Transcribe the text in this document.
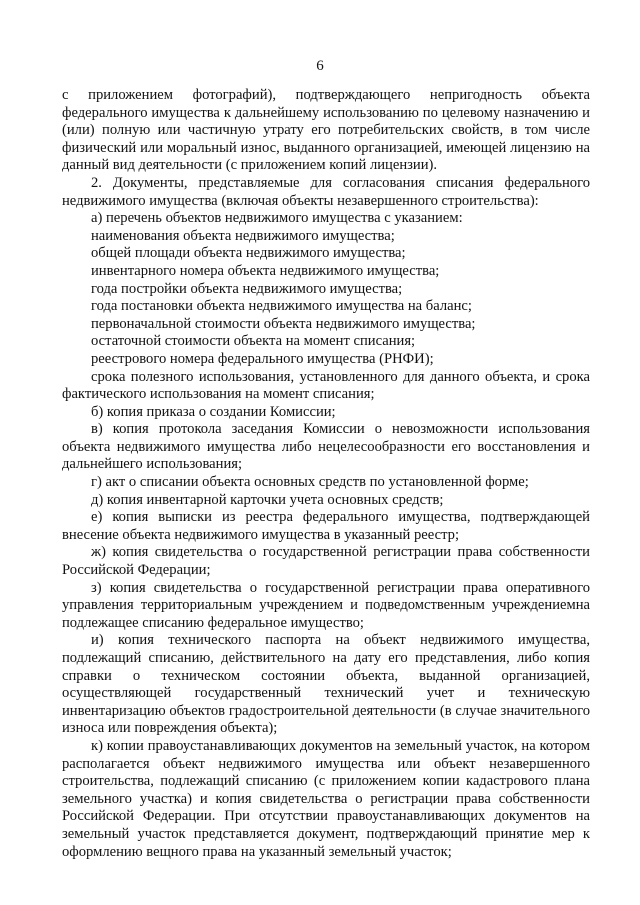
6

с приложением фотографий), подтверждающего непригодность объекта федерального имущества к дальнейшему использованию по целевому назначению и (или) полную или частичную утрату его потребительских свойств, в том числе физический или моральный износ, выданного организацией, имеющей лицензию на данный вид деятельности (с приложением копий лицензии).

2. Документы, представляемые для согласования списания федерального недвижимого имущества (включая объекты незавершенного строительства):

а) перечень объектов недвижимого имущества с указанием:

наименования объекта недвижимого имущества;

общей площади объекта недвижимого имущества;

инвентарного номера объекта недвижимого имущества;

года постройки объекта недвижимого имущества;

года постановки объекта недвижимого имущества на баланс;

первоначальной стоимости объекта недвижимого имущества;

остаточной стоимости объекта на момент списания;

реестрового номера федерального имущества (РНФИ);

срока полезного использования, установленного для данного объекта, и срока фактического использования на момент списания;

б) копия приказа о создании Комиссии;

в) копия протокола заседания Комиссии о невозможности использования объекта недвижимого имущества либо нецелесообразности его восстановления и дальнейшего использования;

г) акт о списании объекта основных средств по установленной форме;

д) копия инвентарной карточки учета основных средств;

е) копия выписки из реестра федерального имущества, подтверждающей внесение объекта недвижимого имущества в указанный реестр;

ж) копия свидетельства о государственной регистрации права собственности Российской Федерации;

з) копия свидетельства о государственной регистрации права оперативного управления территориальным учреждением и подведомственным учреждениемна подлежащее списанию федеральное имущество;

и) копия технического паспорта на объект недвижимого имущества, подлежащий списанию, действительного на дату его представления, либо копия справки о техническом состоянии объекта, выданной организацией, осуществляющей государственный технический учет и техническую инвентаризацию объектов градостроительной деятельности (в случае значительного износа или повреждения объекта);

к) копии правоустанавливающих документов на земельный участок, на котором располагается объект недвижимого имущества или объект незавершенного строительства, подлежащий списанию (с приложением копии кадастрового плана земельного участка) и копия свидетельства о регистрации права собственности Российской Федерации. При отсутствии правоустанавливающих документов на земельный участок представляется документ, подтверждающий принятие мер к оформлению вещного права на указанный земельный участок;
